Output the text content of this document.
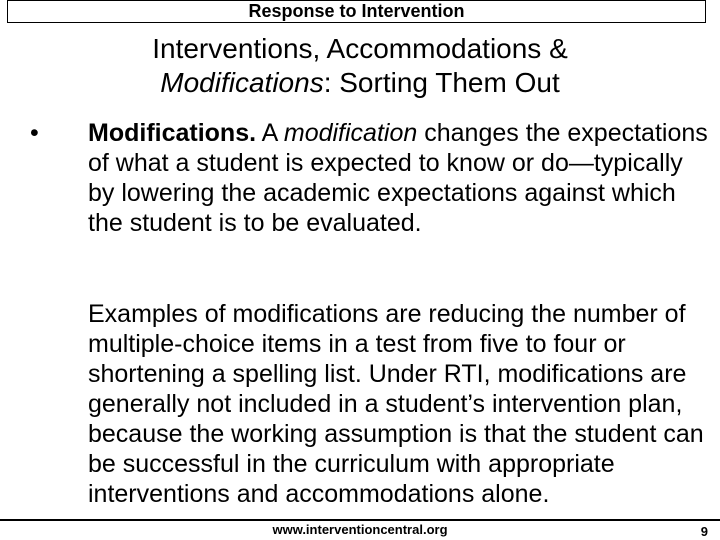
Response to Intervention
Interventions, Accommodations &
Modifications: Sorting Them Out
• Modifications. A modification changes the expectations of what a student is expected to know or do—typically by lowering the academic expectations against which the student is to be evaluated.
Examples of modifications are reducing the number of multiple-choice items in a test from five to four or shortening a spelling list. Under RTI, modifications are generally not included in a student’s intervention plan, because the working assumption is that the student can be successful in the curriculum with appropriate interventions and accommodations alone.
www.interventioncentral.org	9
